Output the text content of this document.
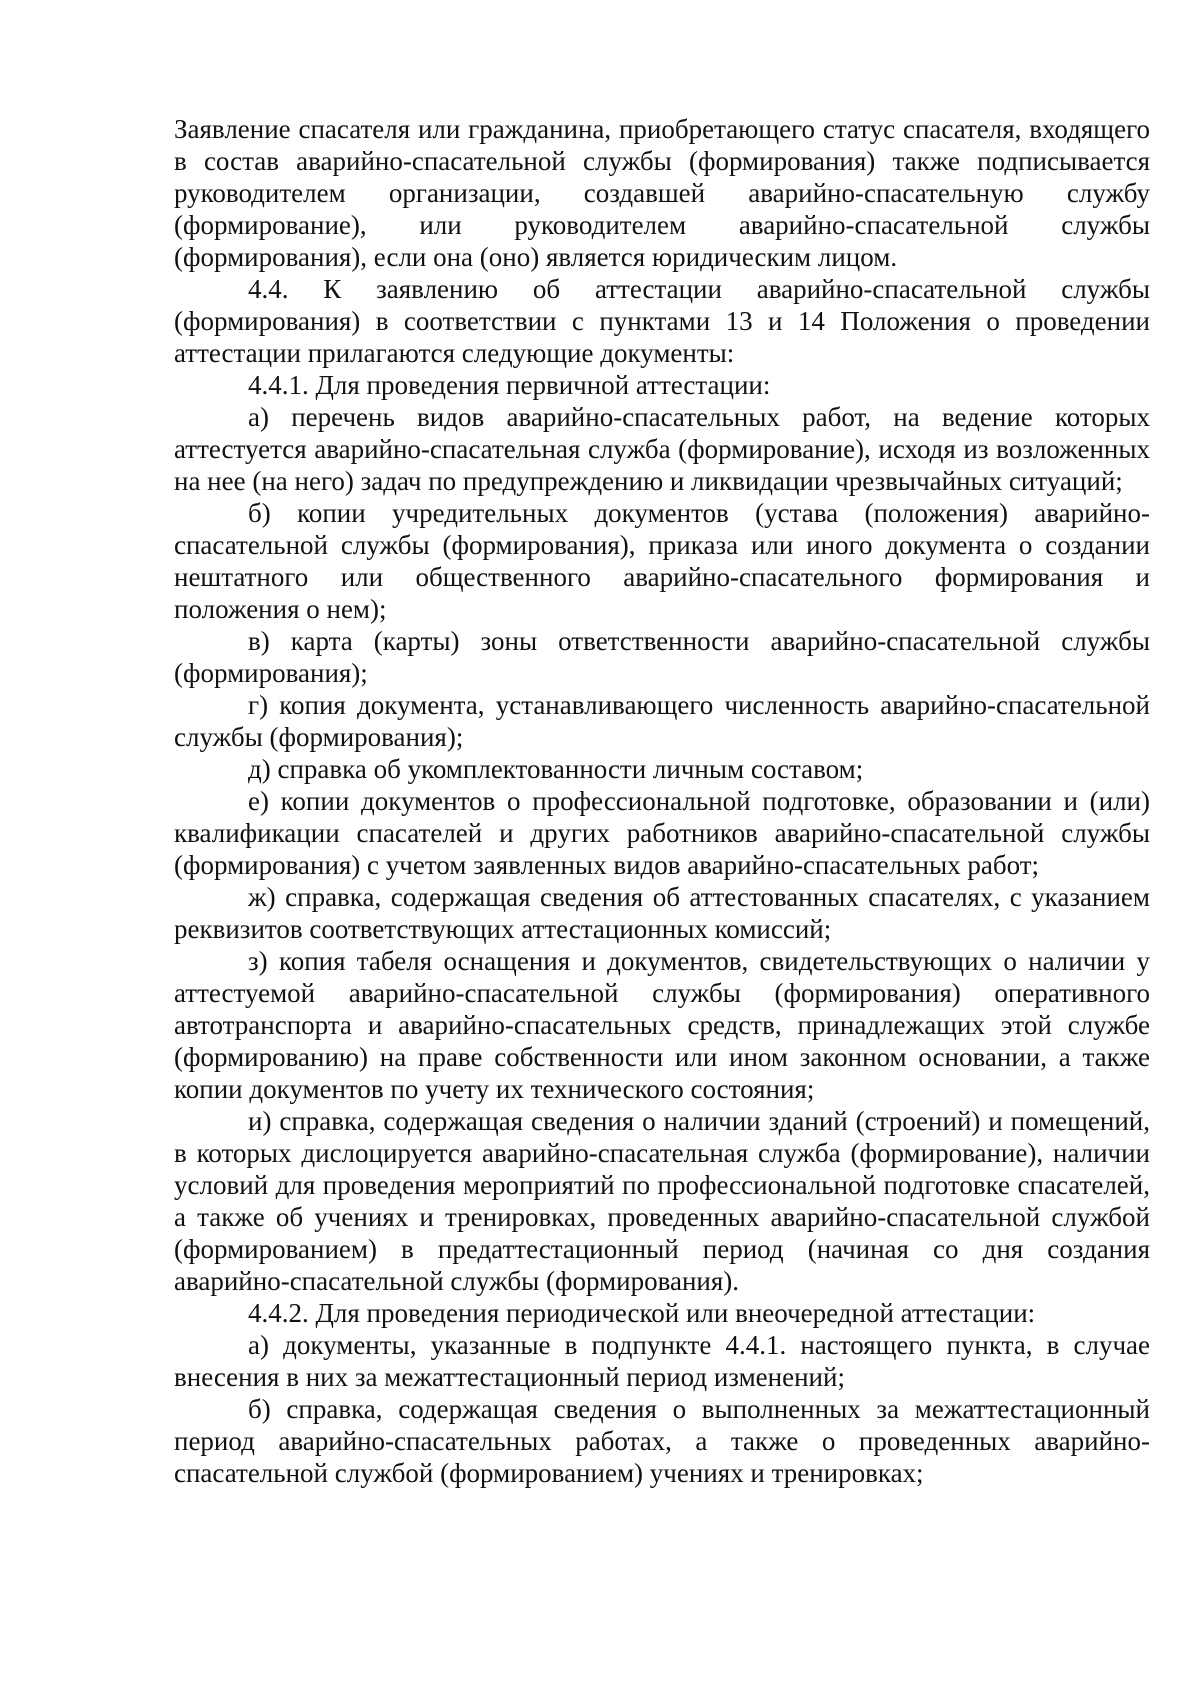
Заявление спасателя или гражданина, приобретающего статус спасателя, входящего в состав аварийно-спасательной службы (формирования) также подписывается руководителем организации, создавшей аварийно-спасательную службу (формирование), или руководителем аварийно-спасательной службы (формирования), если она (оно) является юридическим лицом.

4.4. К заявлению об аттестации аварийно-спасательной службы (формирования) в соответствии с пунктами 13 и 14 Положения о проведении аттестации прилагаются следующие документы:

4.4.1. Для проведения первичной аттестации:

а) перечень видов аварийно-спасательных работ, на ведение которых аттестуется аварийно-спасательная служба (формирование), исходя из возложенных на нее (на него) задач по предупреждению и ликвидации чрезвычайных ситуаций;

б) копии учредительных документов (устава (положения) аварийно-спасательной службы (формирования), приказа или иного документа о создании нештатного или общественного аварийно-спасательного формирования и положения о нем);

в) карта (карты) зоны ответственности аварийно-спасательной службы (формирования);

г) копия документа, устанавливающего численность аварийно-спасательной службы (формирования);

д) справка об укомплектованности личным составом;

е) копии документов о профессиональной подготовке, образовании и (или) квалификации спасателей и других работников аварийно-спасательной службы (формирования) с учетом заявленных видов аварийно-спасательных работ;

ж) справка, содержащая сведения об аттестованных спасателях, с указанием реквизитов соответствующих аттестационных комиссий;

з) копия табеля оснащения и документов, свидетельствующих о наличии у аттестуемой аварийно-спасательной службы (формирования) оперативного автотранспорта и аварийно-спасательных средств, принадлежащих этой службе (формированию) на праве собственности или ином законном основании, а также копии документов по учету их технического состояния;

и) справка, содержащая сведения о наличии зданий (строений) и помещений, в которых дислоцируется аварийно-спасательная служба (формирование), наличии условий для проведения мероприятий по профессиональной подготовке спасателей, а также об учениях и тренировках, проведенных аварийно-спасательной службой (формированием) в предаттестационный период (начиная со дня создания аварийно-спасательной службы (формирования).

4.4.2. Для проведения периодической или внеочередной аттестации:

а) документы, указанные в подпункте 4.4.1. настоящего пункта, в случае внесения в них за межаттестационный период изменений;

б) справка, содержащая сведения о выполненных за межаттестационный период аварийно-спасательных работах, а также о проведенных аварийно-спасательной службой (формированием) учениях и тренировках;
